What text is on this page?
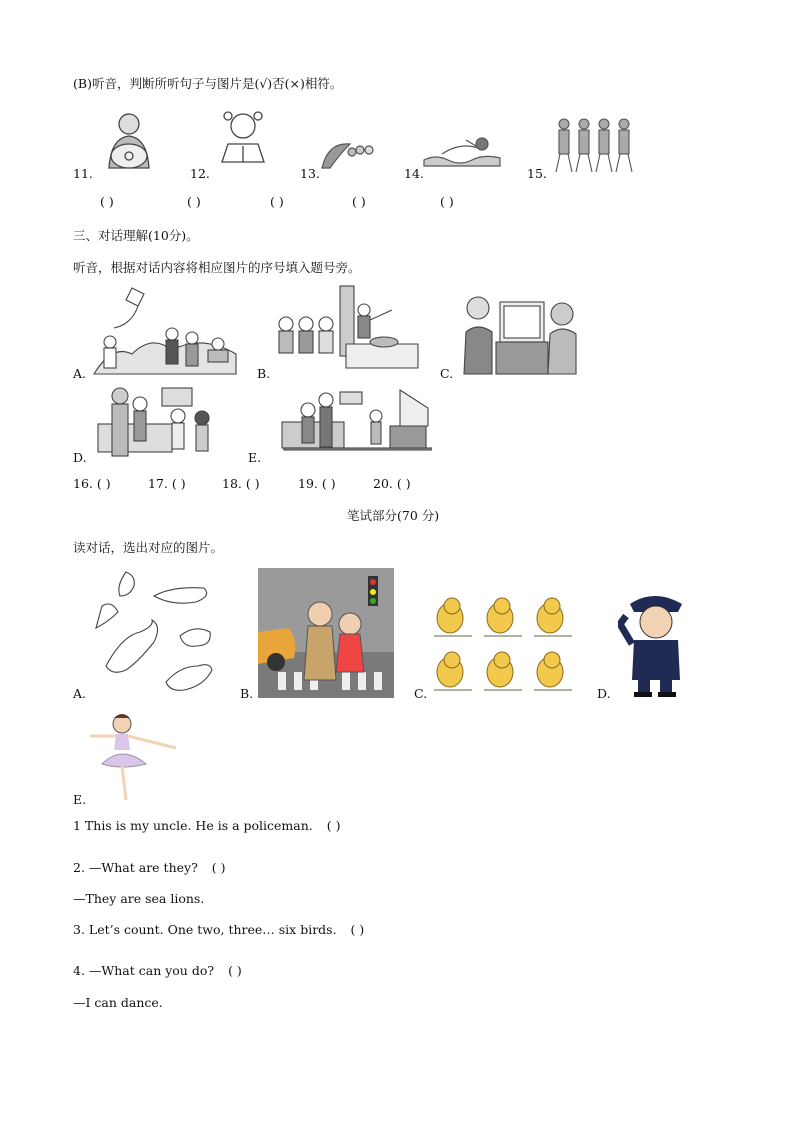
(B)听音，判断所听句子与图片是(√)否(×)相符。
11.	12.	13.	14.	15.
( )	( )	( )	( )	( )
三、对话理解(10分)。
听音，根据对话内容将相应图片的序号填入题号旁。
A.	B.	C.
D.	E.
16. ( )	17. ( )	18. ( )	19. ( )	20. ( )
笔试部分(70 分)
读对话，选出对应的图片。
A.	B.	C.	D.
E.
1 This is my uncle. He is a policeman. ( )
2. —What are they? ( )
—They are sea lions.
3. Let’s count. One two, three… six birds. ( )
4. —What can you do? ( )
—I can dance.
